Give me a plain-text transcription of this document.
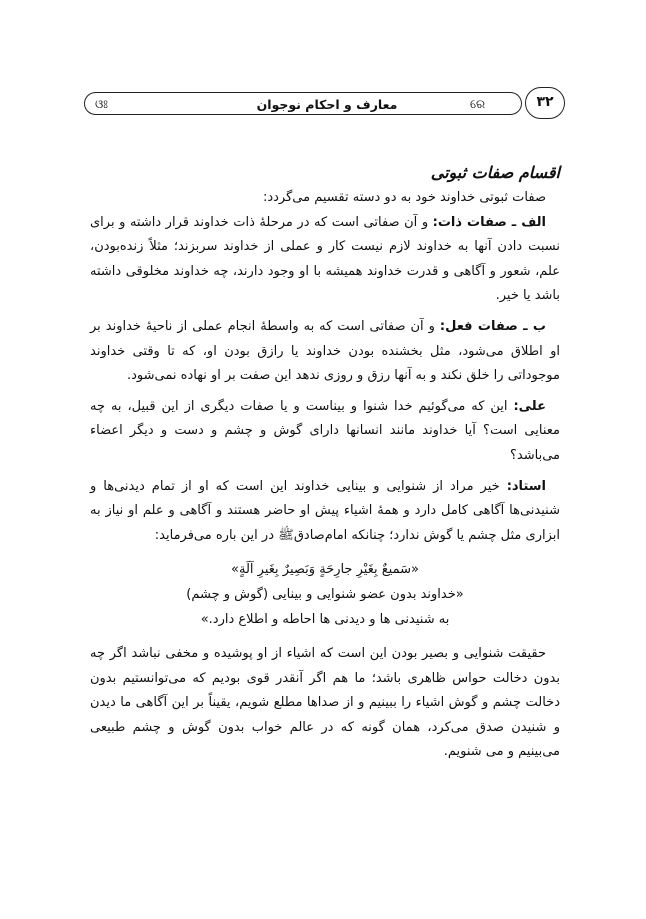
ଓଃ	معارف و احکام نوجوان	ରେ	۳۲

اقسام صفات ثبوتی

صفات ثبوتی خداوند خود به دو دسته تقسیم می‌گردد:

الف ـ صفات ذات: و آن صفاتی است که در مرحلهٔ ذات خداوند قرار داشته و برای نسبت دادن آنها به خداوند لازم نیست کار و عملی از خداوند سربزند؛ مثلاً زنده‌بودن، علم، شعور و آگاهی و قدرت خداوند همیشه با او وجود دارند، چه خداوند مخلوقی داشته باشد یا خیر.

ب ـ صفات فعل: و آن صفاتی است که به واسطهٔ انجام عملی از ناحیهٔ خداوند بر او اطلاق می‌شود، مثل بخشنده بودن خداوند یا رازق بودن او، که تا وقتی خداوند موجوداتی را خلق نکند و به آنها رزق و روزی ندهد این صفت بر او نهاده نمی‌شود.

علی: این که می‌گوئیم خدا شنوا و بیناست و یا صفات دیگری از این قبیل، به چه معنایی است؟ آیا خداوند مانند انسانها دارای گوش و چشم و دست و دیگر اعضاء می‌باشد؟

استاد: خیر مراد از شنوایی و بینایی خداوند این است که او از تمام دیدنی‌ها و شنیدنی‌ها آگاهی کامل دارد و همهٔ اشیاء پیش او حاضر هستند و آگاهی و علم او نیاز به ابزاری مثل چشم یا گوش ندارد؛ چنانکه امام‌صادق‌ﷺ در این باره می‌فرماید:

«سَمیعٌ بِغَیْرِ جارِحَةٍ وَبَصِیرٌ بِغَیرِ آلَةٍ»

«خداوند بدون عضو شنوایی و بینایی (گوش و چشم)

به شنیدنی ها و دیدنی ها احاطه و اطلاع دارد.»

حقیقت شنوایی و بصیر بودن این است که اشیاء از او پوشیده و مخفی نباشد اگر چه بدون دخالت حواس ظاهری باشد؛ ما هم اگر آنقدر قوی بودیم که می‌توانستیم بدون دخالت چشم و گوش اشیاء را ببینیم و از صداها مطلع شویم، یقیناً بر این آگاهی ما دیدن و شنیدن صدق می‌کرد، همان گونه که در عالم خواب بدون گوش و چشم طبیعی می‌بینیم و می شنویم.
